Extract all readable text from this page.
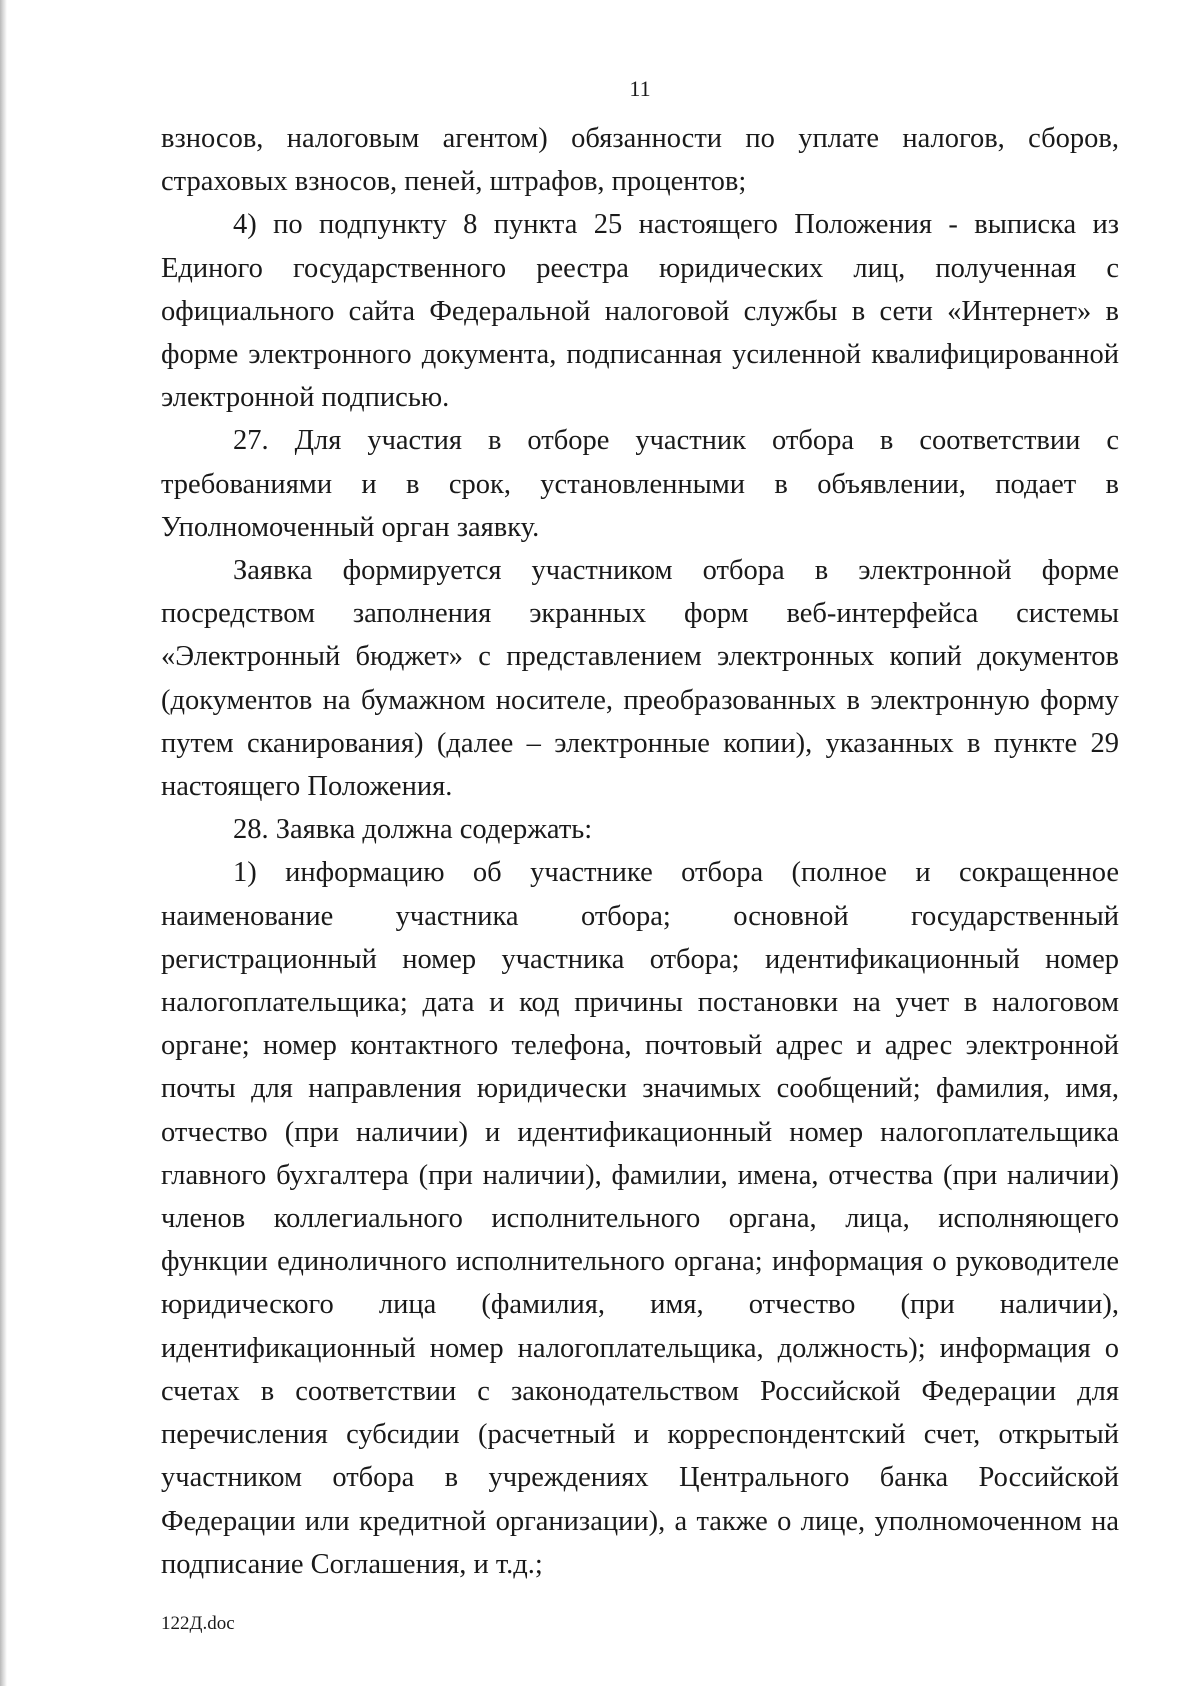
11

взносов, налоговым агентом) обязанности по уплате налогов, сборов, страховых взносов, пеней, штрафов, процентов;

4) по подпункту 8 пункта 25 настоящего Положения - выписка из Единого государственного реестра юридических лиц, полученная с официального сайта Федеральной налоговой службы в сети «Интернет» в форме электронного документа, подписанная усиленной квалифицированной электронной подписью.

27. Для участия в отборе участник отбора в соответствии с требованиями и в срок, установленными в объявлении, подает в Уполномоченный орган заявку.

Заявка формируется участником отбора в электронной форме посредством заполнения экранных форм веб-интерфейса системы «Электронный бюджет» с представлением электронных копий документов (документов на бумажном носителе, преобразованных в электронную форму путем сканирования) (далее – электронные копии), указанных в пункте 29 настоящего Положения.

28. Заявка должна содержать:

1) информацию об участнике отбора (полное и сокращенное наименование участника отбора; основной государственный регистрационный номер участника отбора; идентификационный номер налогоплательщика; дата и код причины постановки на учет в налоговом органе; номер контактного телефона, почтовый адрес и адрес электронной почты для направления юридически значимых сообщений; фамилия, имя, отчество (при наличии) и идентификационный номер налогоплательщика главного бухгалтера (при наличии), фамилии, имена, отчества (при наличии) членов коллегиального исполнительного органа, лица, исполняющего функции единоличного исполнительного органа; информация о руководителе юридического лица (фамилия, имя, отчество (при наличии), идентификационный номер налогоплательщика, должность); информация о счетах в соответствии с законодательством Российской Федерации для перечисления субсидии (расчетный и корреспондентский счет, открытый участником отбора в учреждениях Центрального банка Российской Федерации или кредитной организации), а также о лице, уполномоченном на подписание Соглашения, и т.д.;

122Д.doc
